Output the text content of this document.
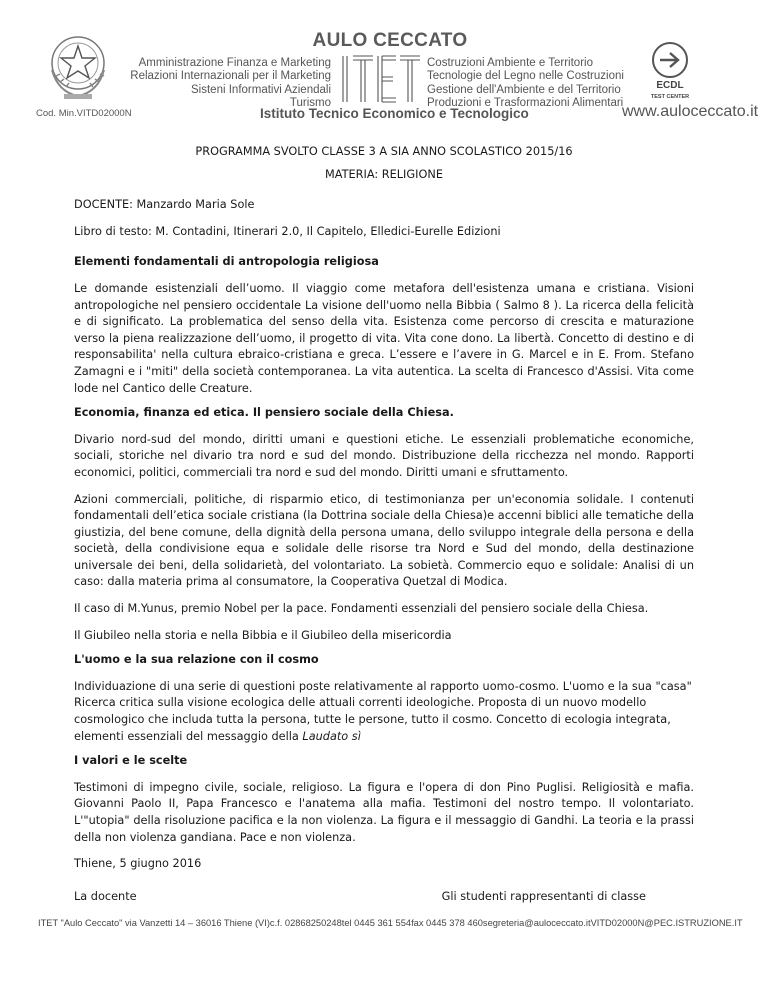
Cod. Min.VITD02000N
AULO CECCATO
Amministrazione Finanza e Marketing
Relazioni Internazionali per il Marketing
Sisteni Informativi Aziendali
Turismo
Costruzioni Ambiente e Territorio
Tecnologie del Legno nelle Costruzioni
Gestione dell'Ambiente e del Territorio
Produzioni e Trasformazioni Alimentari
Istituto Tecnico Economico e Tecnologico
ECDL
TEST CENTER
www.auloceccato.it

PROGRAMMA SVOLTO CLASSE 3 A SIA ANNO SCOLASTICO 2015/16

MATERIA: RELIGIONE

DOCENTE: Manzardo Maria Sole

Libro di testo: M. Contadini, Itinerari 2.0, Il Capitelo, Elledici-Eurelle Edizioni

Elementi fondamentali di antropologia religiosa

Le domande esistenziali dell’uomo. Il viaggio come metafora dell'esistenza umana e cristiana. Visioni antropologiche nel pensiero occidentale La visione dell'uomo nella Bibbia ( Salmo 8 ). La ricerca della felicità e di significato. La problematica del senso della vita. Esistenza come percorso di crescita e maturazione verso la piena realizzazione dell’uomo, il progetto di vita. Vita cone dono. La libertà. Concetto di destino e di responsabilita' nella cultura ebraico-cristiana e greca. L’essere e l’avere in G. Marcel e in E. From. Stefano Zamagni e i "miti" della società contemporanea. La vita autentica. La scelta di Francesco d'Assisi. Vita come lode nel Cantico delle Creature.

Economia, finanza ed etica. Il pensiero sociale della Chiesa.

Divario nord-sud del mondo, diritti umani e questioni etiche. Le essenziali problematiche economiche, sociali, storiche nel divario tra nord e sud del mondo. Distribuzione della ricchezza nel mondo. Rapporti economici, politici, commerciali tra nord e sud del mondo. Diritti umani e sfruttamento.

Azioni commerciali, politiche, di risparmio etico, di testimonianza per un'economia solidale. I contenuti fondamentali dell’etica sociale cristiana (la Dottrina sociale della Chiesa)e accenni biblici alle tematiche della giustizia, del bene comune, della dignità della persona umana, dello sviluppo integrale della persona e della società, della condivisione equa e solidale delle risorse tra Nord e Sud del mondo, della destinazione universale dei beni, della solidarietà, del volontariato. La sobietà. Commercio equo e solidale: Analisi di un caso: dalla materia prima al consumatore, la Cooperativa Quetzal di Modica.

Il caso di M.Yunus, premio Nobel per la pace. Fondamenti essenziali del pensiero sociale della Chiesa.

Il Giubileo nella storia e nella Bibbia e il Giubileo della misericordia

L'uomo e la sua relazione con il cosmo

Individuazione di una serie di questioni poste relativamente al rapporto uomo-cosmo. L'uomo e la sua "casa" Ricerca critica sulla visione ecologica delle attuali correnti ideologiche. Proposta di un nuovo modello cosmologico che includa tutta la persona, tutte le persone, tutto il cosmo. Concetto di ecologia integrata, elementi essenziali del messaggio della Laudato sì

I valori e le scelte

Testimoni di impegno civile, sociale, religioso. La figura e l'opera di don Pino Puglisi. Religiosità e mafia. Giovanni Paolo II, Papa Francesco e l'anatema alla mafia. Testimoni del nostro tempo. Il volontariato. L'"utopia" della risoluzione pacifica e la non violenza. La figura e il messaggio di Gandhi. La teoria e la prassi della non violenza gandiana. Pace e non violenza.

Thiene, 5 giugno 2016

La docente	Gli studenti rappresentanti di classe
ITET "Aulo Ceccato" via Vanzetti 14 – 36016 Thiene (VI) c.f. 02868250248 tel 0445 361 554 fax 0445 378 460 segreteria@auloceccato.it VITD02000N@PEC.ISTRUZIONE.IT
